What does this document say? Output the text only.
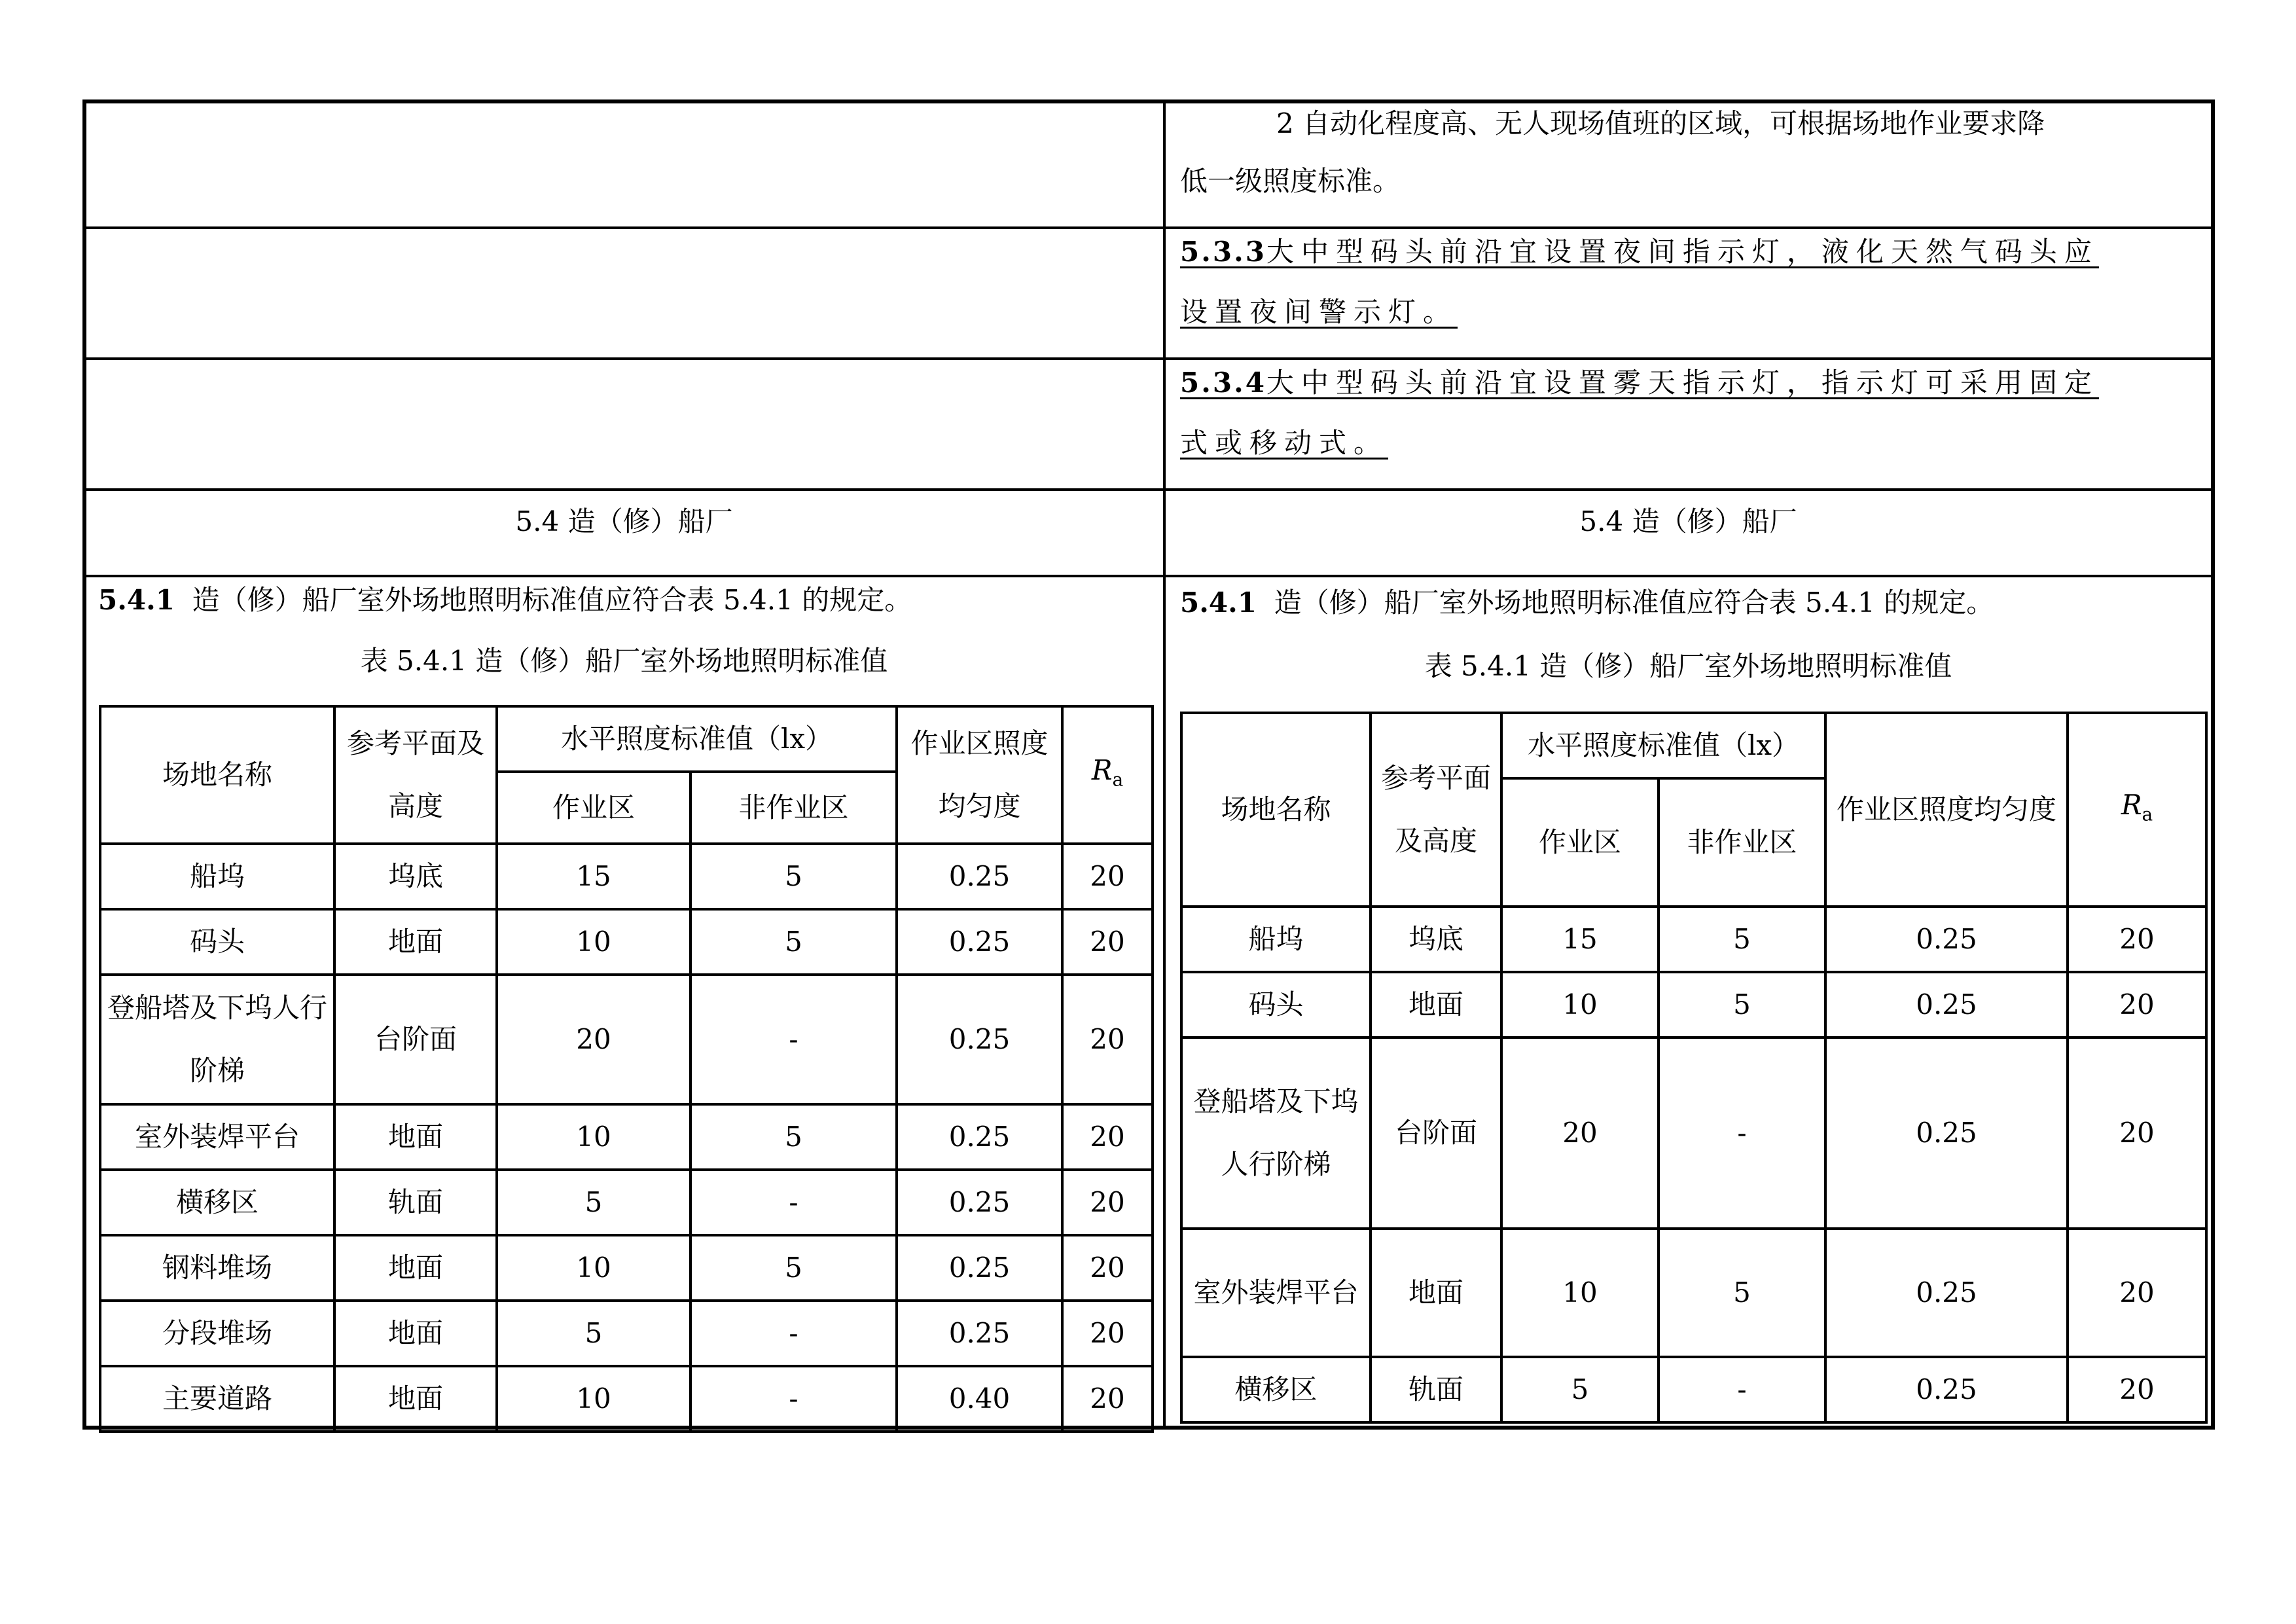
2 自动化程度高、无人现场值班的区域，可根据场地作业要求降
低一级照度标准。
5.3.3大中型码头前沿宜设置夜间指示灯，液化天然气码头应
设置夜间警示灯。
5.3.4大中型码头前沿宜设置雾天指示灯，指示灯可采用固定
式或移动式。
5.4 造（修）船厂	5.4 造（修）船厂
5.4.1 造（修）船厂室外场地照明标准值应符合表 5.4.1 的规定。
表 5.4.1 造（修）船厂室外场地照明标准值
场地名称	参考平面及高度	水平照度标准值（lx）		作业区照度均匀度	$R_a$
		作业区	非作业区		
船坞	坞底	15	5	0.25	20
码头	地面	10	5	0.25	20
登船塔及下坞人行阶梯	台阶面	20	-	0.25	20
室外装焊平台	地面	10	5	0.25	20
横移区	轨面	5	-	0.25	20
钢料堆场	地面	10	5	0.25	20
分段堆场	地面	5	-	0.25	20
主要道路	地面	10	-	0.40	20
5.4.1 造（修）船厂室外场地照明标准值应符合表 5.4.1 的规定。
表 5.4.1 造（修）船厂室外场地照明标准值
场地名称	参考平面及高度	水平照度标准值（lx）		作业区照度均匀度	$R_a$
		作业区	非作业区		
船坞	坞底	15	5	0.25	20
码头	地面	10	5	0.25	20
登船塔及下坞人行阶梯	台阶面	20	-	0.25	20
室外装焊平台	地面	10	5	0.25	20
横移区	轨面	5	-	0.25	20
